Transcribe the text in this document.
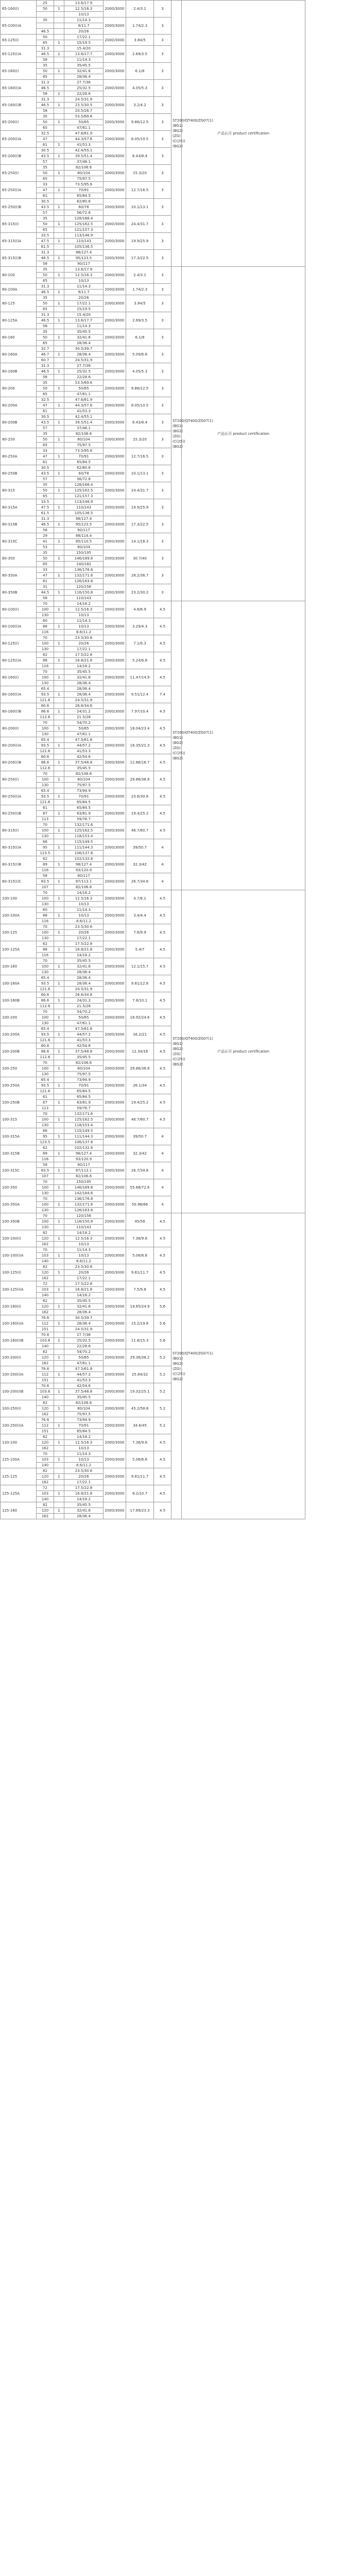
65-160(I)	25		13.6/17.9	2000/3000	2.4/3.1	3	ST200/QT400/ZG07(1)(BG1)(BG2)(ZG)(C(25))(BG2)	产品认可 product certification
	50	1	12.5/16.3					
			10/13					
65-100(I)A	35		11/14.3	2000/3000	1.74/2.3	3		
			9/11.7					
	46.5		20/26					
65-125(I)	50		17/22.1	2000/3000	3.84/5	3		
	65	1	15/19.5					
65-125(I)A	31.3		15.4/20	2000/3000	2.69/3.5	3		
	46.5	1	13.6/17.7					
	58		11/14.3					
65-160(I)	35		35/45.5	2000/3000	6.1/8	3		
	50	1	32/41.6					
	65		28/36.4					
65-160(I)A	31.3		27.7/36	2000/3000	4.05/5.3	3		
	46.5		25/32.5					
	58	1	22/28.6					
65-160(I)B	31.3		24.5/31.9	2000/3000	3.2/4.2	3		
	46.5	1	23.5/30.5					
	58		20.5/26.7					
65-200(I)	35		53.5/69.6	2000/3000	9.86/12.5	3		
	50	1	50/65					
	65		47/61.1					
65-200(I)A	32.5		47.6/61.9	2000/3000	8.05/10.5	3		
	47		44.3/57.6					
	61	1	41/53.3					
65-200(I)B	30.5		42.4/55.1	2000/3000	6.43/8.4	3		
	43.5	1	39.5/51.4					
	57		37/48.1					
65-250(I)	35		82/106.6	2000/3000	15.3/20	3		
	50	1	80/104					
	65		75/97.5					
65-250(I)A	33		73.5/95.6	2000/3000	12.7/16.5	3		
	47	1	70/91					
	61		65/84.5					
65-250(I)B	30.5		62/80.6	2000/3000	10.1/13.1	3		
	43.5	1	60/78					
	57		56/72.8					
65-315(I)	35		128/166.4	2000/3000	24.4/31.7	3		
	50	1	125/162.5					
	65		121/157.3					
65-315(I)A	33.5		113/146.9	2000/3000	19.9/25.9	3		
	47.5	1	110/143					
	61.5		105/136.5					
65-315(I)B	31.3		98/127.4	2000/3000	17.3/22.5	3		
	46.5	1	95/123.5					
	58		90/117					
80-100	35		13.6/17.9	2000/3000	2.4/3.1	3	ST200/QT400/ZG07(1)(BG1)(BG2)(ZG)(C(25))(BG2)	产品认可 product certification
	50	1	12.5/16.3					
	65		10/13					
80-100A	31.3		11/14.3	2000/3000	1.74/2.3	3		
	46.5	1	9/11.7					
80-125	35		20/26	2000/3000	3.84/5	3		
	50	1	17/22.1					
	65		15/19.5					
80-125A	31.3		15.4/20	2000/3000	2.69/3.5	3		
	46.5	1	13.6/17.7					
	58		11/14.3					
80-160	35		35/45.5	2000/3000	6.1/8	3		
	50	1	32/41.6					
	65		28/36.4					
80-160A	32.7		30.5/39.7	2000/3000	5.09/6.6	3		
	46.7	1	28/36.4					
	60.7		24.5/31.9					
80-160B	31.3		27.7/36	2000/3000	4.05/5.3	3		
	46.5	1	25/32.5					
	58		22/28.6					
80-200	35		53.5/69.6	2000/3000	9.86/12.5	3		
	50	1	50/65					
	65		47/61.1					
80-200A	32.5		47.6/61.9	2000/3000	8.05/10.5	3		
	47	1	44.3/57.6					
	61		41/53.3					
80-200B	30.5		42.4/55.1	2000/3000	6.43/8.4	3		
	43.5	1	39.5/51.4					
	57		37/48.1					
80-250	35		82/106.6	2000/3000	15.3/20	3		
	50	1	80/104					
	65		75/97.5					
80-250A	33		73.5/95.6	2000/3000	12.7/16.5	3		
	47	1	70/91					
	61		65/84.5					
80-250B	30.5		62/80.6	2000/3000	10.1/13.1	3		
	43.5	1	60/78					
	57		56/72.8					
80-315	35		128/166.4	2000/3000	24.4/31.7	3		
	50	1	125/162.5					
	65		121/157.3					
80-315A	33.5		113/146.9	2000/3000	19.9/25.9	3		
	47.5	1	110/143					
	61.5		105/136.5					
80-315B	31.3		98/127.4	2000/3000	17.3/22.5	3		
	46.5	1	95/123.5					
	58		90/117					
80-315C	29		88/114.4	2000/3000	14.1/18.3	3		
	41	1	85/110.5					
	53		80/104					
80-350	35		150/195	2000/3000	30.7/40	3		
	50	1	146/189.8					
	65		140/182					
80-350A	33		136/176.8	2000/3000	28.2/36.7	3		
	47	1	132/171.6					
	61		126/163.8					
80-350B	31		120/156	2000/3000	23.2/30.2	3		
	44.5	1	116/150.8					
	58		110/143					
80-100(I)	70		14/18.2	2000/3000	4.8/6.9	4.5	ST200/QT400/ZG07(1)(BG1)(BG2)(ZG)(C(25))(BG2)	
	100	1	12.5/16.3					
	130		10/13					
80-100(I)A	60		11/14.3	2000/3000	3.29/4.3	4.5		
	88	1	10/13					
	116		8.6/11.2					
80-125(I)	70		23.5/30.6	2000/3000	7.1/9.3	4.5		
	100	1	20/26					
	130		17/22.1					
80-125(I)A	62		17.5/22.8	2000/3000	5.24/6.8	4.5		
	88	1	16.8/21.8					
	116		14/18.2					
80-160(I)	70		35/45.5	2000/3000	11.47/14.9	4.5		
	100	1	32/41.6					
	130		28/36.4					
80-160(I)A	65.4		28/36.4	2000/3000	9.51/12.4	7.4		
	93.5	1	28/36.4					
	121.6		24.5/31.9					
80-160(I)B	60.6		26.6/34.6	2000/3000	7.97/10.4	4.5		
	86.6	1	24/31.2					
	112.6		21.5/28					
80-200(I)	70		54/70.2	2000/3000	18.04/23.4	4.5		
	100	1	50/65					
	130		47/61.1					
80-200(I)A	65.4		47.5/61.8	2000/3000	16.35/21.3	4.5		
	93.5	1	44/57.2					
	121.6		41/53.3					
80-200(I)B	60.6		42/54.6	2000/3000	12.86/16.7	4.5		
	86.6	1	37.5/48.8					
	112.6		35/45.5					
80-250(I)	70		82/106.6	2000/3000	29.86/38.8	4.5		
	100	1	80/104					
	130		75/97.5					
80-250(I)A	65.4		73/94.9	2000/3000	23.6/30.8	4.5		
	93.5	1	70/91					
	121.6		65/84.5					
80-250(I)B	61		65/84.5	2000/3000	19.4/25.2	4.5		
	87	1	63/81.9					
	113		59/76.7					
80-315(I)	70		132/171.6	2000/3000	46.7/60.7	4.5		
	100	1	125/162.5					
	130		118/153.4					
80-315(I)A	66		115/149.5	2000/3000	39/50.7	4		
	95	1	111/144.3					
	123.5		106/137.8					
80-315(I)B	62		102/132.6	2000/3000	32.3/42	4		
	89	1	98/127.4					
	116		93/120.9					
80-315(I)C	58		90/117	2000/3000	26.7/34.6	4		
	83.5	1	87/113.1					
	107		82/106.6					
100-100	70		14/18.2	2000/3000	4.7/6.1	4.5	ST200/QT400/ZG07(1)(BG1)(BG2)(ZG)(C(25))(BG2)	产品认可 product certification
	100	1	12.5/16.3					
	130		10/13					
100-100A	60		11/14.3	2000/3000	3.4/4.4	4.5		
	88	1	10/13					
	116		8.6/11.2					
100-125	70		23.5/30.6	2000/3000	7.6/9.9	4.5		
	100	1	20/26					
	130		17/22.1					
100-125A	62		17.5/22.8	2000/3000	5.4/7	4.5		
	88	1	16.8/21.8					
	116		14/18.2					
100-160	70		35/45.5	2000/3000	12.1/15.7	4.5		
	100	1	32/41.6					
	130		28/36.4					
100-160A	65.4		28/36.4	2000/3000	9.81/12.8	4.5		
	93.5	1	28/36.4					
	121.6		24.5/31.9					
100-160B	60.6		26.6/34.6	2000/3000	7.8/10.1	4.5		
	86.6	1	24/31.2					
	112.6		21.5/28					
100-200	70		54/70.2	2000/3000	18.92/24.6	4.5		
	100	1	50/65					
	130		47/61.1					
100-200A	65.4		47.5/61.8	2000/3000	16.2/21	4.5		
	93.5	1	44/57.2					
	121.6		41/53.3					
100-200B	60.6		42/54.6	2000/3000	12.34/16	4.5		
	86.6	1	37.5/48.8					
	112.6		35/45.5					
100-250	70		82/106.6	2000/3000	29.86/38.8	4.5		
	100	1	80/104					
	130		75/97.5					
100-250A	65.4		73/94.9	2000/3000	26.1/34	4.5		
	93.5	1	70/91					
	121.6		65/84.5					
100-250B	61		65/84.5	2000/3000	19.4/25.2	4.5		
	87	1	63/81.9					
	113		59/76.7					
100-315	70		132/171.6	2000/3000	46.7/60.7	4.5		
	100	1	125/162.5					
	130		118/153.4					
100-315A	66		115/149.5	2000/3000	39/50.7	4		
	95	1	111/144.3					
	123.5		106/137.8					
100-315B	62		102/132.6	2000/3000	32.3/42	4		
	89	1	98/127.4					
	116		93/120.9					
100-315C	58		90/117	2000/3000	26.7/34.6	4		
	83.5	1	87/113.1					
	107		82/106.6					
100-350	70		150/195	2000/3000	55.86/72.6	4		
	100	1	146/189.8					
	130		142/184.6					
100-350A	70		136/176.8	2000/3000	50.98/66	4		
	100	1	132/171.6					
	130		126/163.8					
100-350B	70		120/156	2000/3000	45/58	4.5	ST200/QT400/ZG07(1)(BG1)(BG2)(ZG)(C(25))(BG2)	
	100	1	116/150.8					
	130		110/143					
100-100(I)	82		14/18.2	2000/3000	7.36/9.6	4.5		
	120	1	12.5/16.3					
	162		10/13					
100-100(I)A	70		11/14.3	2000/3000	5.06/6.6	4.5		
	103	1	10/13					
	140		8.6/11.2					
100-125(I)	82		23.5/30.6	2000/3000	9.81/11.7	4.5		
	120	1	20/26					
	162		17/22.1					
100-125(I)A	72		17.5/22.8	2000/3000	7.5/9.8	4.5		
	103	1	16.8/21.8					
	140		14/18.2					
100-160(I)	82		35/45.5	2000/3000	19.65/24.9	5.6		
	120	1	32/41.6					
	162		28/36.4					
100-160(I)A	76.6		30.5/39.7	2000/3000	15.2/19.8	5.6		
	112	1	28/36.4					
	151		24.5/31.9					
100-160(I)B	70.6		27.7/36	2000/3000	11.8/15.3	5.6		
	103.6	1	25/32.5					
	140		22/28.6					
100-200(I)	82		54/70.2	2000/3000	29.36/38.2	5.2		
	120	1	50/65					
	162		47/61.1					
100-200(I)A	76.6		47.5/61.8	2000/3000	25.84/32	5.2		
	112	1	44/57.2					
	151		41/53.3					
100-200(I)B	70.6		42/54.6	2000/3000	19.32/25.1	5.2		
	103.6	1	37.5/48.8					
	140		35/45.5					
100-250(I)	82		82/106.6	2000/3000	45.2/58.8	5.2		
	120	1	80/104					
	162		75/97.5					
100-250(I)A	76.6		73/94.9	2000/3000	34.6/45	5.2		
	112	1	70/91					
	151		65/84.5					
120-100	82		14/18.2	2000/3000	7.36/9.6	4.5		
	120	1	12.5/16.3					
	162		10/13					
125-100A	70		11/14.3	2000/3000	5.06/6.6	4.5		
	103	1	10/13					
	140		8.6/11.2					
125-125	82		23.5/30.6	2000/3000	9.81/11.7	4.5		
	120	1	20/26					
	162		17/22.1					
125-125A	72		17.5/22.8	2000/3000	8.2/10.7	4.5		
	103	1	16.8/21.8					
	140		14/18.2					
125-160	82		35/45.5	2000/3000	17.89/23.3	4.5		
	120	1	32/41.6					
	162		28/36.4					
